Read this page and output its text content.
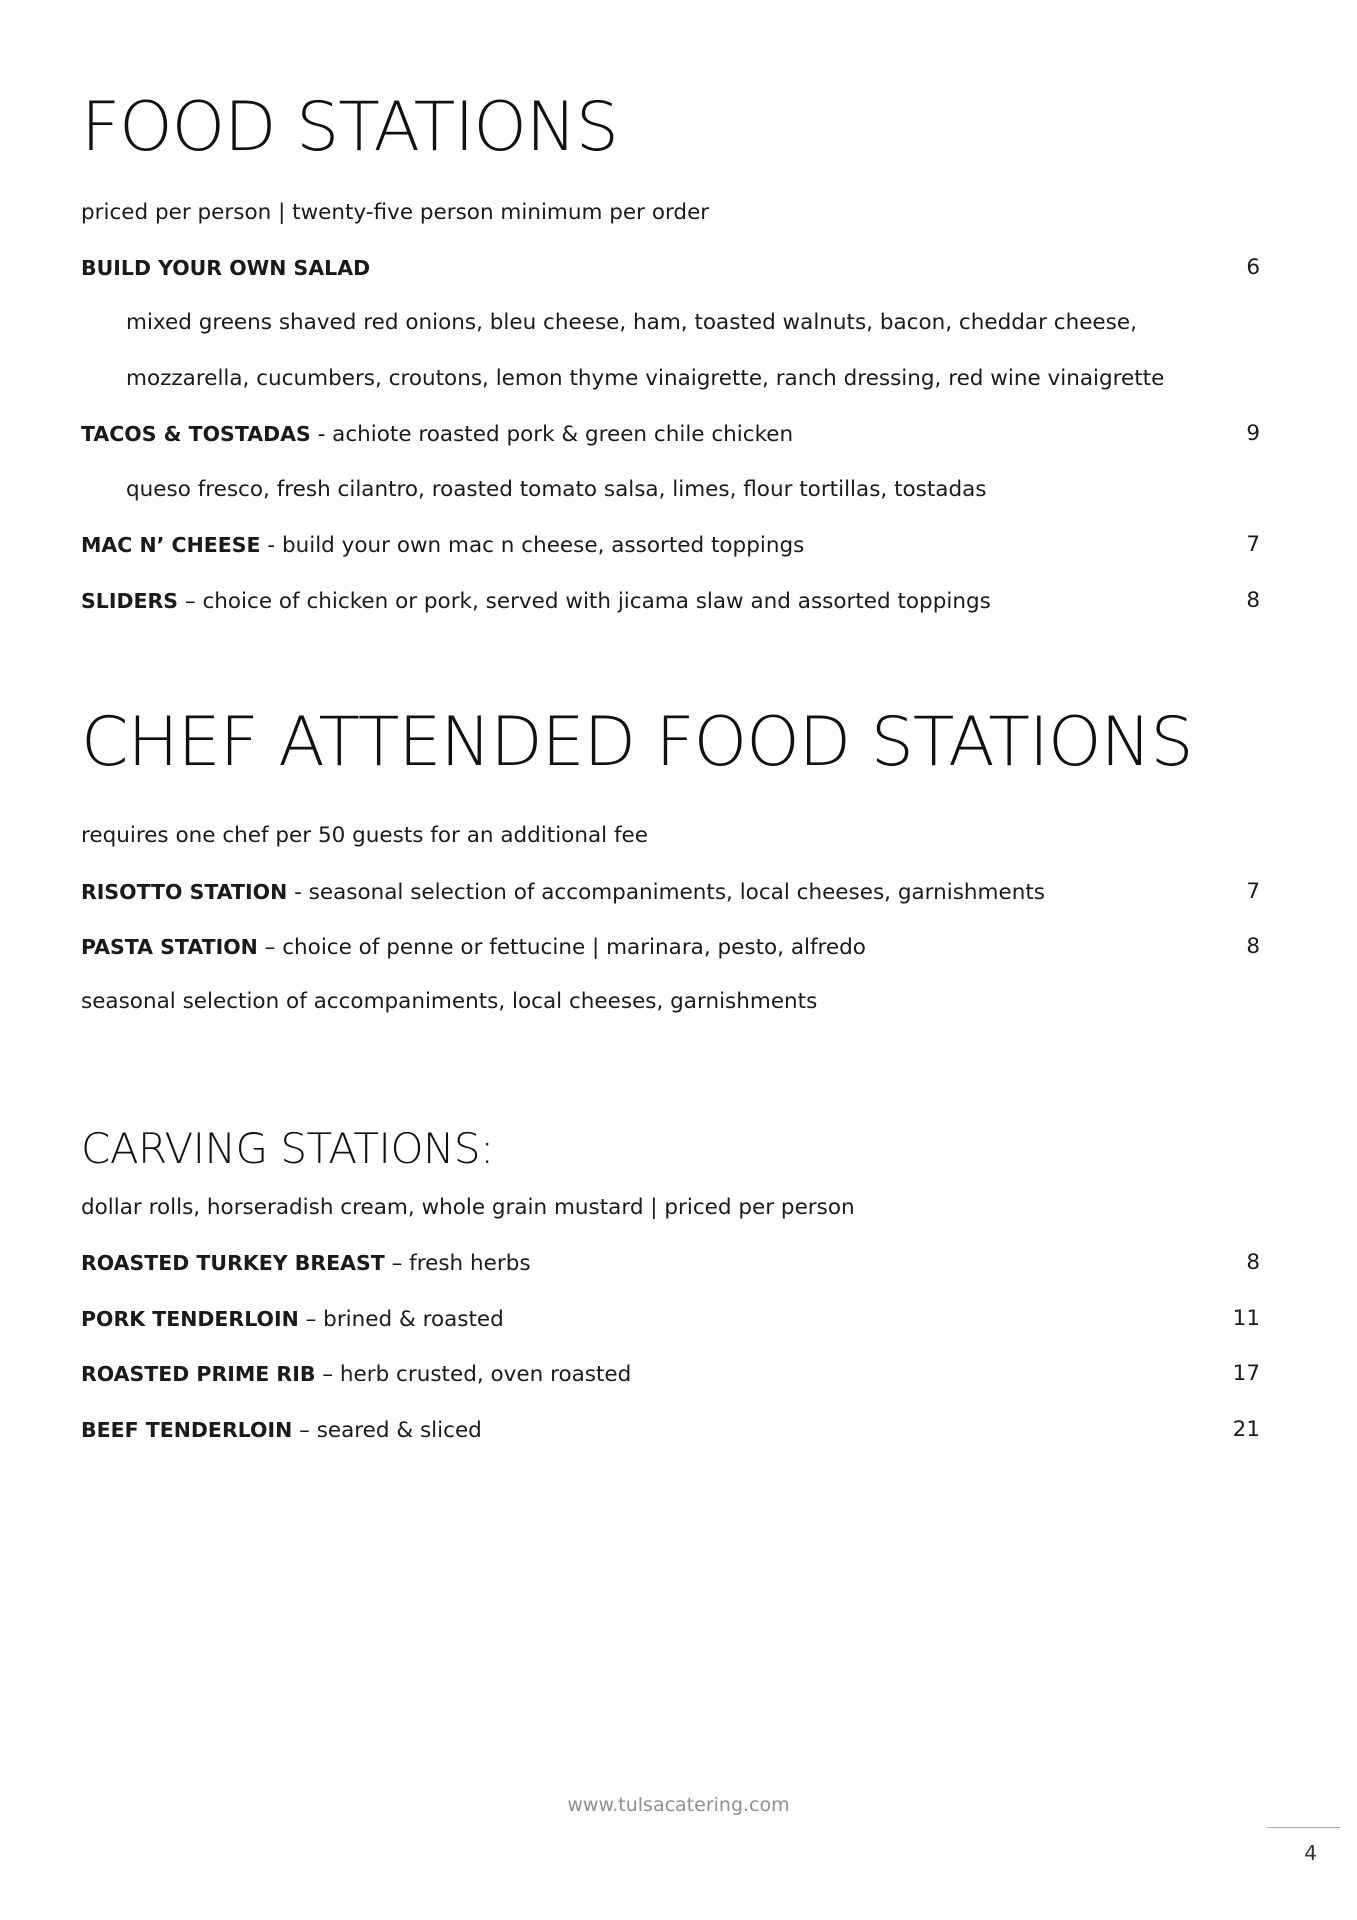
FOOD STATIONS
priced per person | twenty-five person minimum per order
BUILD YOUR OWN SALAD	6
mixed greens shaved red onions, bleu cheese, ham, toasted walnuts, bacon, cheddar cheese,
mozzarella, cucumbers, croutons, lemon thyme vinaigrette, ranch dressing, red wine vinaigrette
TACOS & TOSTADAS - achiote roasted pork & green chile chicken	9
queso fresco, fresh cilantro, roasted tomato salsa, limes, flour tortillas, tostadas
MAC N’ CHEESE - build your own mac n cheese, assorted toppings	7
SLIDERS – choice of chicken or pork, served with jicama slaw and assorted toppings	8
CHEF ATTENDED FOOD STATIONS
requires one chef per 50 guests for an additional fee
RISOTTO STATION - seasonal selection of accompaniments, local cheeses, garnishments	7
PASTA STATION – choice of penne or fettucine | marinara, pesto, alfredo	8
seasonal selection of accompaniments, local cheeses, garnishments
CARVING STATIONS:
dollar rolls, horseradish cream, whole grain mustard | priced per person
ROASTED TURKEY BREAST – fresh herbs	8
PORK TENDERLOIN – brined & roasted	11
ROASTED PRIME RIB – herb crusted, oven roasted	17
BEEF TENDERLOIN – seared & sliced	21
www.tulsacatering.com
4
